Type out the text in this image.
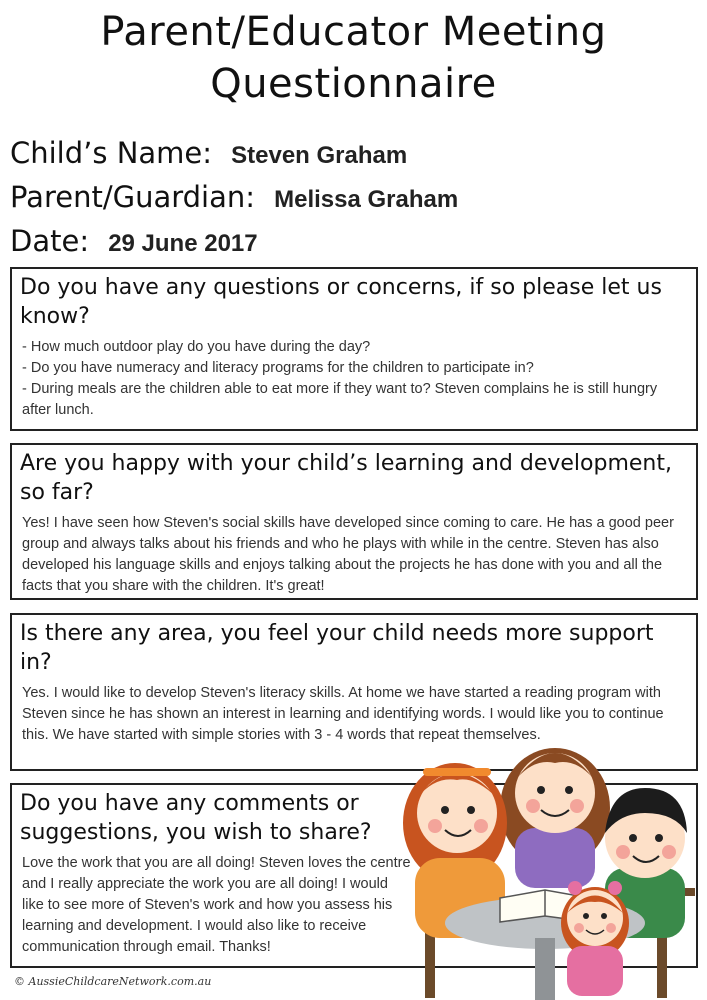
Parent/Educator Meeting
Questionnaire
Child’s Name: Steven Graham
Parent/Guardian: Melissa Graham
Date: 29 June 2017
Do you have any questions or concerns, if so please let us know?

- How much outdoor play do you have during the day?

- Do you have numeracy and literacy programs for the children to participate in?

- During meals are the children able to eat more if they want to? Steven complains he is still hungry after lunch.

Are you happy with your child’s learning and development, so far?

Yes! I have seen how Steven's social skills have developed since coming to care. He has a good peer group and always talks about his friends and who he plays with while in the centre. Steven has also developed his language skills and enjoys talking about the projects he has done with you and all the facts that you share with the children. It's great!

Is there any area, you feel your child needs more support in?

Yes. I would like to develop Steven's literacy skills. At home we have started a reading program with Steven since he has shown an interest in learning and identifying words. I would like you to continue this. We have started with simple stories with 3 - 4 words that repeat themselves.

Do you have any comments or suggestions, you wish to share?

Love the work that you are all doing! Steven loves the centre and I really appreciate the work you are all doing! I would like to see more of Steven's work and how you assess his learning and development. I would also like to receive communication through email. Thanks!

© AussieChildcareNetwork.com.au
